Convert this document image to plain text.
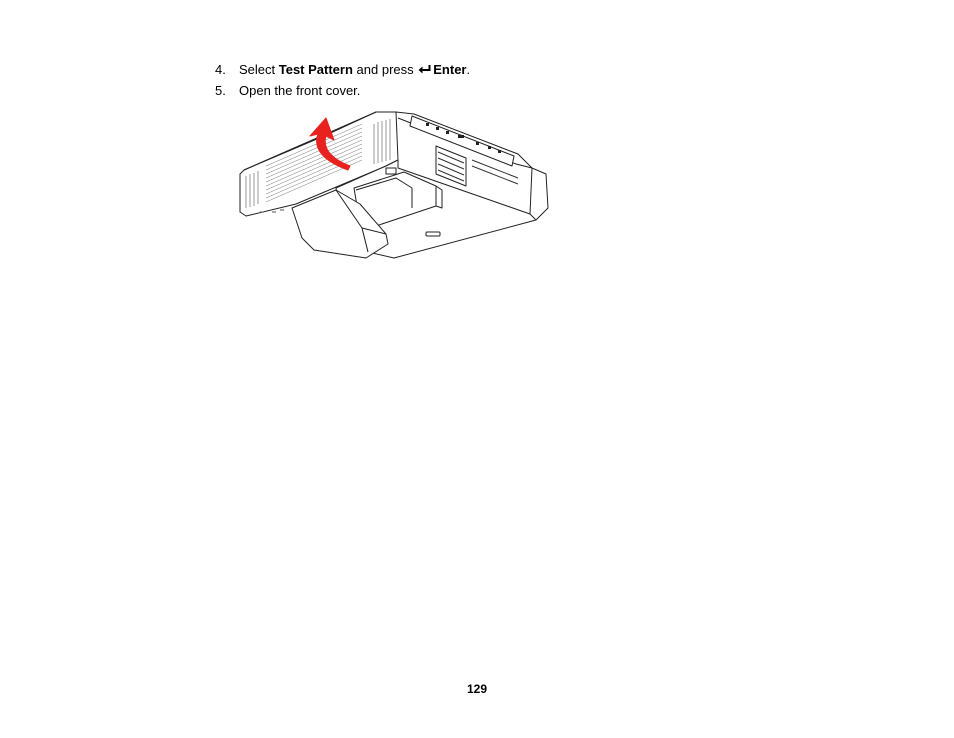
4. Select Test Pattern and press Enter.
5. Open the front cover.
129
